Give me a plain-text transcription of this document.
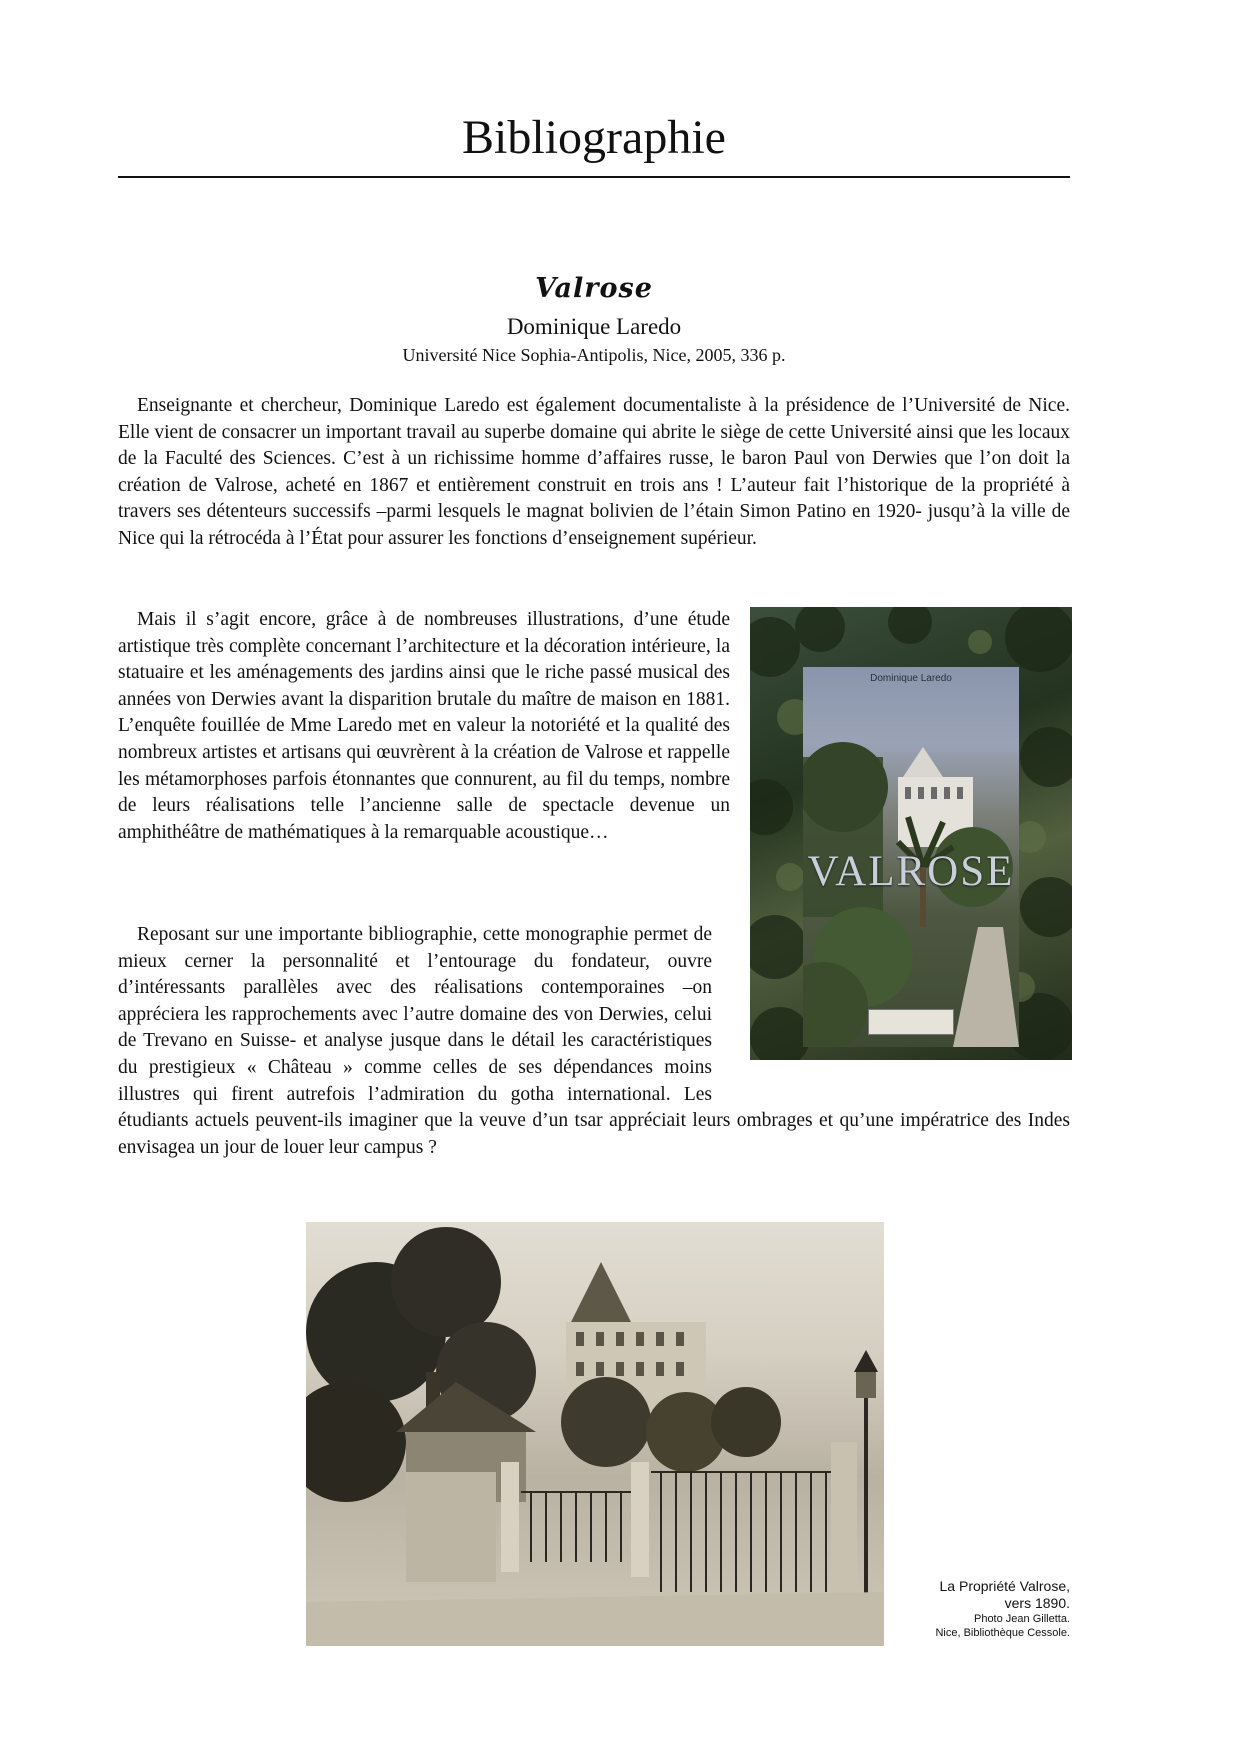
Bibliographie
Valrose
Dominique Laredo
Université Nice Sophia-Antipolis, Nice, 2005, 336 p.

Enseignante et chercheur, Dominique Laredo est également documentaliste à la présidence de l’Université de Nice. Elle vient de consacrer un important travail au superbe domaine qui abrite le siège de cette Université ainsi que les locaux de la Faculté des Sciences. C’est à un richissime homme d’affaires russe, le baron Paul von Derwies que l’on doit la création de Valrose, acheté en 1867 et entièrement construit en trois ans ! L’auteur fait l’historique de la propriété à travers ses détenteurs successifs –parmi lesquels le magnat bolivien de l’étain Simon Patino en 1920- jusqu’à la ville de Nice qui la rétrocéda à l’État pour assurer les fonctions d’enseignement supérieur.

Mais il s’agit encore, grâce à de nombreuses illustrations, d’une étude artistique très complète concernant l’architecture et la décoration intérieure, la statuaire et les aménagements des jardins ainsi que le riche passé musical des années von Derwies avant la disparition brutale du maître de maison en 1881. L’enquête fouillée de Mme Laredo met en valeur la notoriété et la qualité des nombreux artistes et artisans qui œuvrèrent à la création de Valrose et rappelle les métamorphoses parfois étonnantes que connurent, au fil du temps, nombre de leurs réalisations telle l’ancienne salle de spectacle devenue un amphithéâtre de mathématiques à la remarquable acoustique…

Reposant sur une importante bibliographie, cette monographie permet de mieux cerner la personnalité et l’entourage du fondateur, ouvre d’intéressants parallèles avec des réalisations contemporaines –on appréciera les rapprochements avec l’autre domaine des von Derwies, celui de Trevano en Suisse- et analyse jusque dans le détail les caractéristiques du prestigieux « Château » comme celles de ses dépendances moins illustres qui firent autrefois l’admiration du gotha international. Les étudiants actuels peuvent-ils imaginer que la veuve d’un tsar appréciait leurs ombrages et qu’une impératrice des Indes envisagea un jour de louer leur campus ?

Dominique Laredo
VALROSE
La Propriété Valrose,
vers 1890.
Photo Jean Gilletta.
Nice, Bibliothèque Cessole.
